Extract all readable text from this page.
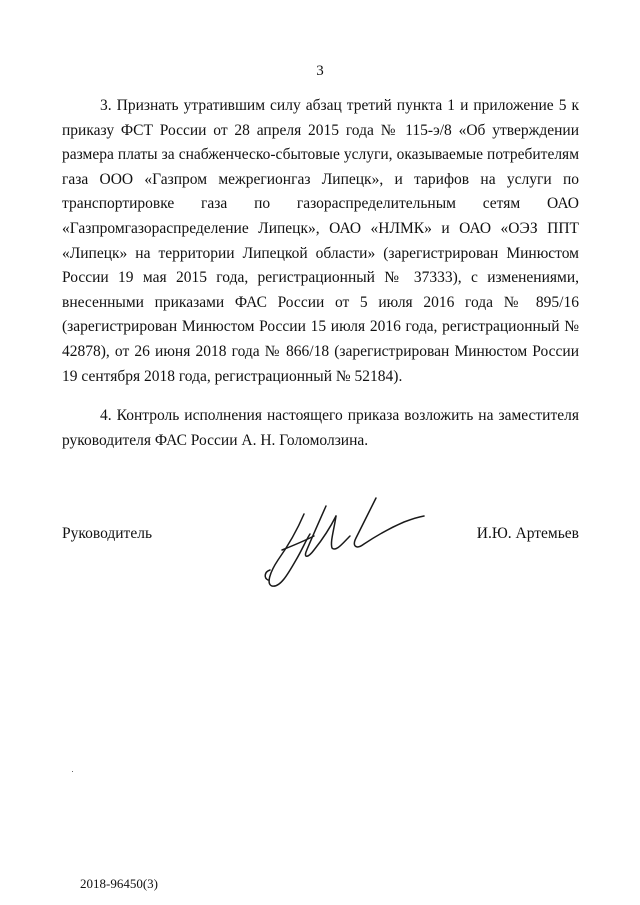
3

3. Признать утратившим силу абзац третий пункта 1 и приложение 5 к приказу ФСТ России от 28 апреля 2015 года № 115-э/8 «Об утверждении размера платы за снабженческо-сбытовые услуги, оказываемые потребителям газа ООО «Газпром межрегионгаз Липецк», и тарифов на услуги по транспортировке газа по газораспределительным сетям ОАО «Газпромгазораспределение Липецк», ОАО «НЛМК» и ОАО «ОЭЗ ППТ «Липецк» на территории Липецкой области» (зарегистрирован Минюстом России 19 мая 2015 года, регистрационный № 37333), с изменениями, внесенными приказами ФАС России от 5 июля 2016 года № 895/16 (зарегистрирован Минюстом России 15 июля 2016 года, регистрационный № 42878), от 26 июня 2018 года № 866/18 (зарегистрирован Минюстом России 19 сентября 2018 года, регистрационный № 52184).

4. Контроль исполнения настоящего приказа возложить на заместителя руководителя ФАС России А. Н. Голомолзина.

Руководитель	И.Ю. Артемьев
2018-96450(3)
